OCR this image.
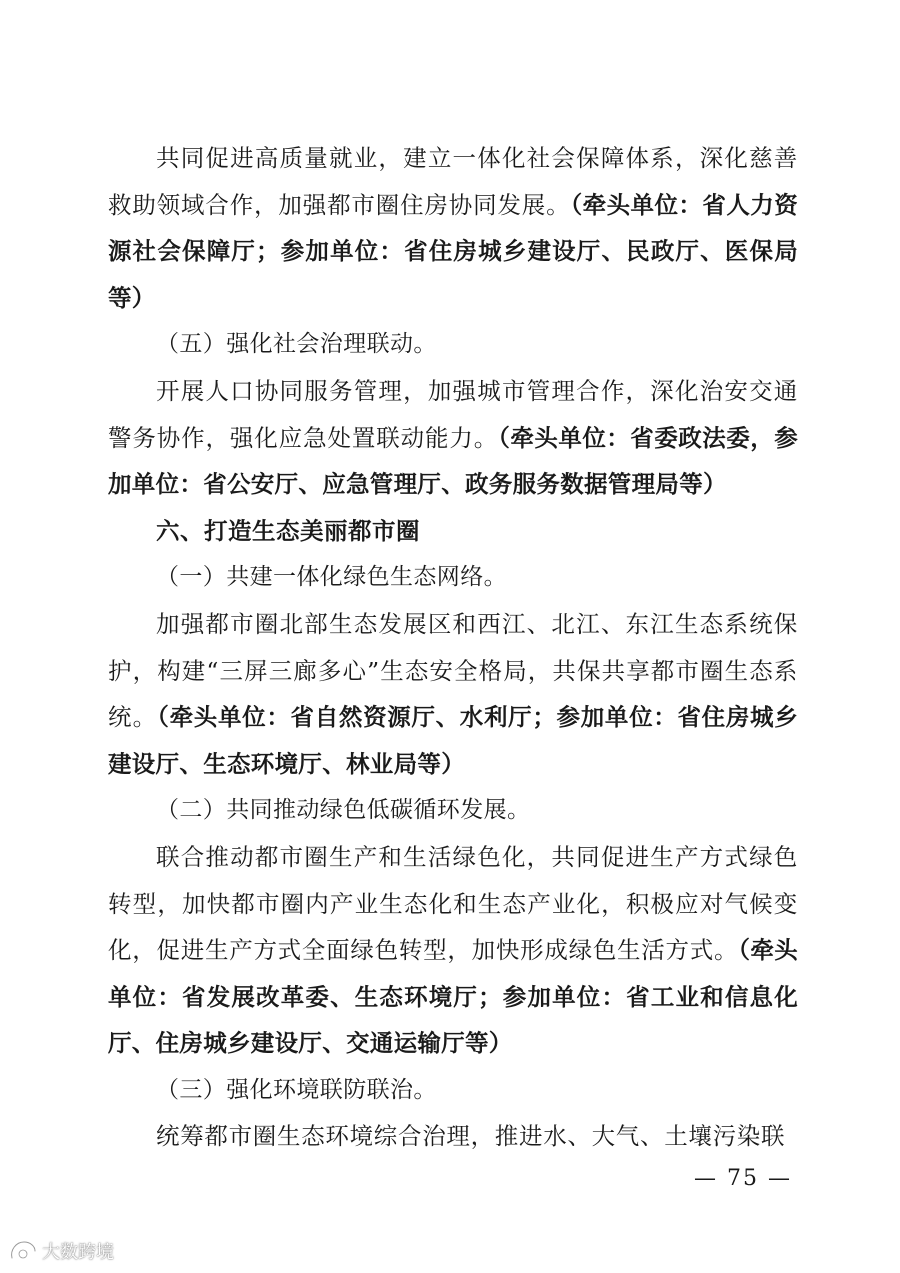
共同促进高质量就业，建立一体化社会保障体系，深化慈善救助领域合作，加强都市圈住房协同发展。（牵头单位：省人力资源社会保障厅；参加单位：省住房城乡建设厅、民政厅、医保局等）

（五）强化社会治理联动。

开展人口协同服务管理，加强城市管理合作，深化治安交通警务协作，强化应急处置联动能力。（牵头单位：省委政法委，参加单位：省公安厅、应急管理厅、政务服务数据管理局等）

六、打造生态美丽都市圈

（一）共建一体化绿色生态网络。

加强都市圈北部生态发展区和西江、北江、东江生态系统保护，构建“三屏三廊多心”生态安全格局，共保共享都市圈生态系统。（牵头单位：省自然资源厅、水利厅；参加单位：省住房城乡建设厅、生态环境厅、林业局等）

（二）共同推动绿色低碳循环发展。

联合推动都市圈生产和生活绿色化，共同促进生产方式绿色转型，加快都市圈内产业生态化和生态产业化，积极应对气候变化，促进生产方式全面绿色转型，加快形成绿色生活方式。（牵头单位：省发展改革委、生态环境厅；参加单位：省工业和信息化厅、住房城乡建设厅、交通运输厅等）

（三）强化环境联防联治。

统筹都市圈生态环境综合治理，推进水、大气、土壤污染联

— 75 —
大数跨境
